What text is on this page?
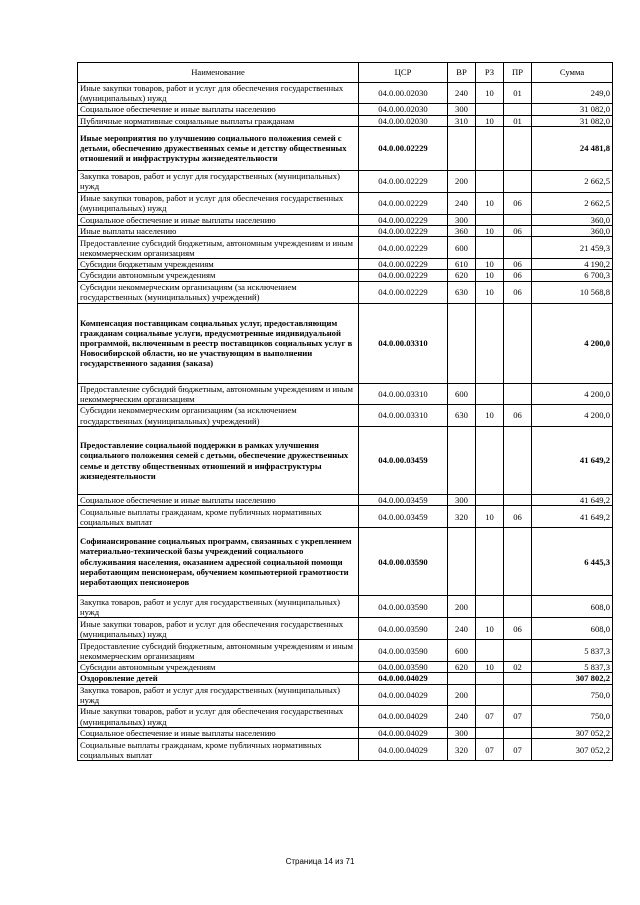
Наименование	ЦСР	ВР	РЗ	ПР	Сумма
Иные закупки товаров, работ и услуг для обеспечения государственных (муниципальных) нужд	04.0.00.02030	240	10	01	249,0
Социальное обеспечение и иные выплаты населению	04.0.00.02030	300			31 082,0
Публичные нормативные социальные выплаты гражданам	04.0.00.02030	310	10	01	31 082,0
Иные мероприятия по улучшению социального положения семей с детьми, обеспечению дружественных семье и детству общественных отношений и инфраструктуры жизнедеятельности	04.0.00.02229				24 481,8
Закупка товаров, работ и услуг для государственных (муниципальных) нужд	04.0.00.02229	200			2 662,5
Иные закупки товаров, работ и услуг для обеспечения государственных (муниципальных) нужд	04.0.00.02229	240	10	06	2 662,5
Социальное обеспечение и иные выплаты населению	04.0.00.02229	300			360,0
Иные выплаты населению	04.0.00.02229	360	10	06	360,0
Предоставление субсидий бюджетным, автономным учреждениям и иным некоммерческим организациям	04.0.00.02229	600			21 459,3
Субсидии бюджетным учреждениям	04.0.00.02229	610	10	06	4 190,2
Субсидии автономным учреждениям	04.0.00.02229	620	10	06	6 700,3
Субсидии некоммерческим организациям (за исключением государственных (муниципальных) учреждений)	04.0.00.02229	630	10	06	10 568,8
Компенсация поставщикам социальных услуг, предоставляющим гражданам социальные услуги, предусмотренные индивидуальной программой, включенным в реестр поставщиков социальных услуг в Новосибирской области, но не участвующим в выполнении государственного задания (заказа)	04.0.00.03310				4 200,0
Предоставление субсидий бюджетным, автономным учреждениям и иным некоммерческим организациям	04.0.00.03310	600			4 200,0
Субсидии некоммерческим организациям (за исключением государственных (муниципальных) учреждений)	04.0.00.03310	630	10	06	4 200,0
Предоставление социальной поддержки в рамках улучшения социального положения семей с детьми, обеспечение дружественных семье и детству общественных отношений и инфраструктуры жизнедеятельности	04.0.00.03459				41 649,2
Социальное обеспечение и иные выплаты населению	04.0.00.03459	300			41 649,2
Социальные выплаты гражданам, кроме публичных нормативных социальных выплат	04.0.00.03459	320	10	06	41 649,2
Софинансирование социальных программ, связанных с укреплением материально-технической базы учреждений социального обслуживания населения, оказанием адресной социальной помощи неработающим пенсионерам, обучением компьютерной грамотности неработающих пенсионеров	04.0.00.03590				6 445,3
Закупка товаров, работ и услуг для государственных (муниципальных) нужд	04.0.00.03590	200			608,0
Иные закупки товаров, работ и услуг для обеспечения государственных (муниципальных) нужд	04.0.00.03590	240	10	06	608,0
Предоставление субсидий бюджетным, автономным учреждениям и иным некоммерческим организациям	04.0.00.03590	600			5 837,3
Субсидии автономным учреждениям	04.0.00.03590	620	10	02	5 837,3
Оздоровление детей	04.0.00.04029				307 802,2
Закупка товаров, работ и услуг для государственных (муниципальных) нужд	04.0.00.04029	200			750,0
Иные закупки товаров, работ и услуг для обеспечения государственных (муниципальных) нужд	04.0.00.04029	240	07	07	750,0
Социальное обеспечение и иные выплаты населению	04.0.00.04029	300			307 052,2
Социальные выплаты гражданам, кроме публичных нормативных социальных выплат	04.0.00.04029	320	07	07	307 052,2
Страница 14 из 71
